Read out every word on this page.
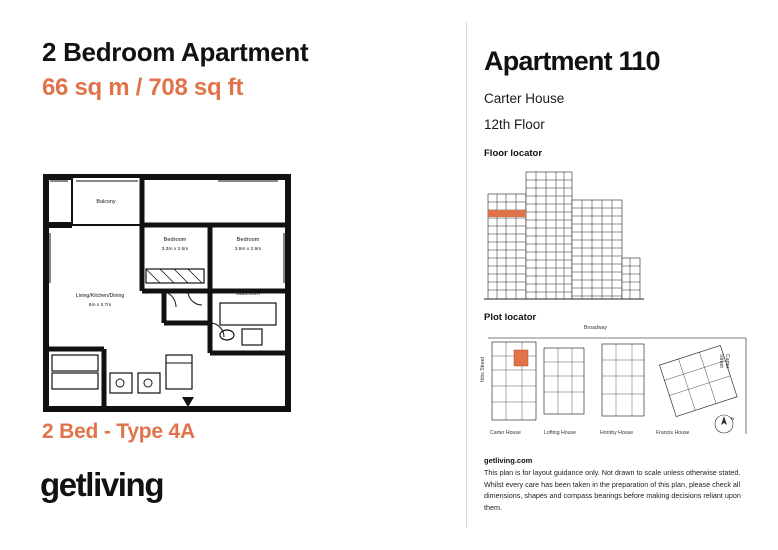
2 Bedroom Apartment
66 sq m / 708 sq ft
Balcony
Bedroom
3.3m x 2.6m
Bedroom
3.9m x 2.9m
Living/Kitchen/Dining
6m x 3.7m
Bathroom
2 Bed - Type 4A
getliving
Apartment 110
Carter House
12th Floor
Floor locator
Plot locator
N
Carter House	Lofting House	Hornby House	Francis House
Broadway
Carter Street
Ibbs Street
getliving.com
This plan is for layout guidance only. Not drawn to scale unless otherwise stated. Whilst every care has been taken in the preparation of this plan, please check all dimensions, shapes and compass bearings before making decisions reliant upon them.
